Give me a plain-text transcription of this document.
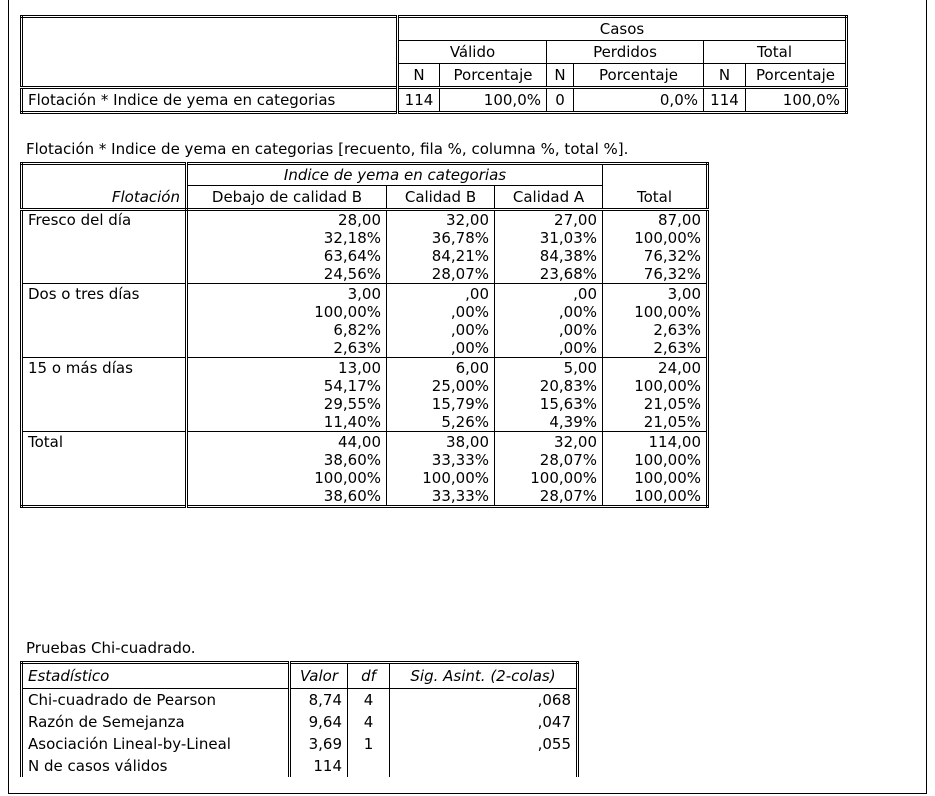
	Casos					
	Válido		Perdidos		Total	
	N	Porcentaje	N	Porcentaje	N	Porcentaje
Flotación * Indice de yema en categorias	114	100,0%	0	0,0%	114	100,0%
Flotación * Indice de yema en categorias [recuento, fila %, columna %, total %].
	Indice de yema en categorias			
Flotación	Debajo de calidad B	Calidad B	Calidad A	Total
Fresco del día	28,00	32,00	27,00	87,00
	32,18%	36,78%	31,03%	100,00%
	63,64%	84,21%	84,38%	76,32%
	24,56%	28,07%	23,68%	76,32%
Dos o tres días	3,00	,00	,00	3,00
	100,00%	,00%	,00%	100,00%
	6,82%	,00%	,00%	2,63%
	2,63%	,00%	,00%	2,63%
15 o más días	13,00	6,00	5,00	24,00
	54,17%	25,00%	20,83%	100,00%
	29,55%	15,79%	15,63%	21,05%
	11,40%	5,26%	4,39%	21,05%
Total	44,00	38,00	32,00	114,00
	38,60%	33,33%	28,07%	100,00%
	100,00%	100,00%	100,00%	100,00%
	38,60%	33,33%	28,07%	100,00%
Pruebas Chi-cuadrado.
Estadístico	Valor	df	Sig. Asint. (2-colas)
Chi-cuadrado de Pearson	8,74	4	,068
Razón de Semejanza	9,64	4	,047
Asociación Lineal-by-Lineal	3,69	1	,055
N de casos válidos	114		
